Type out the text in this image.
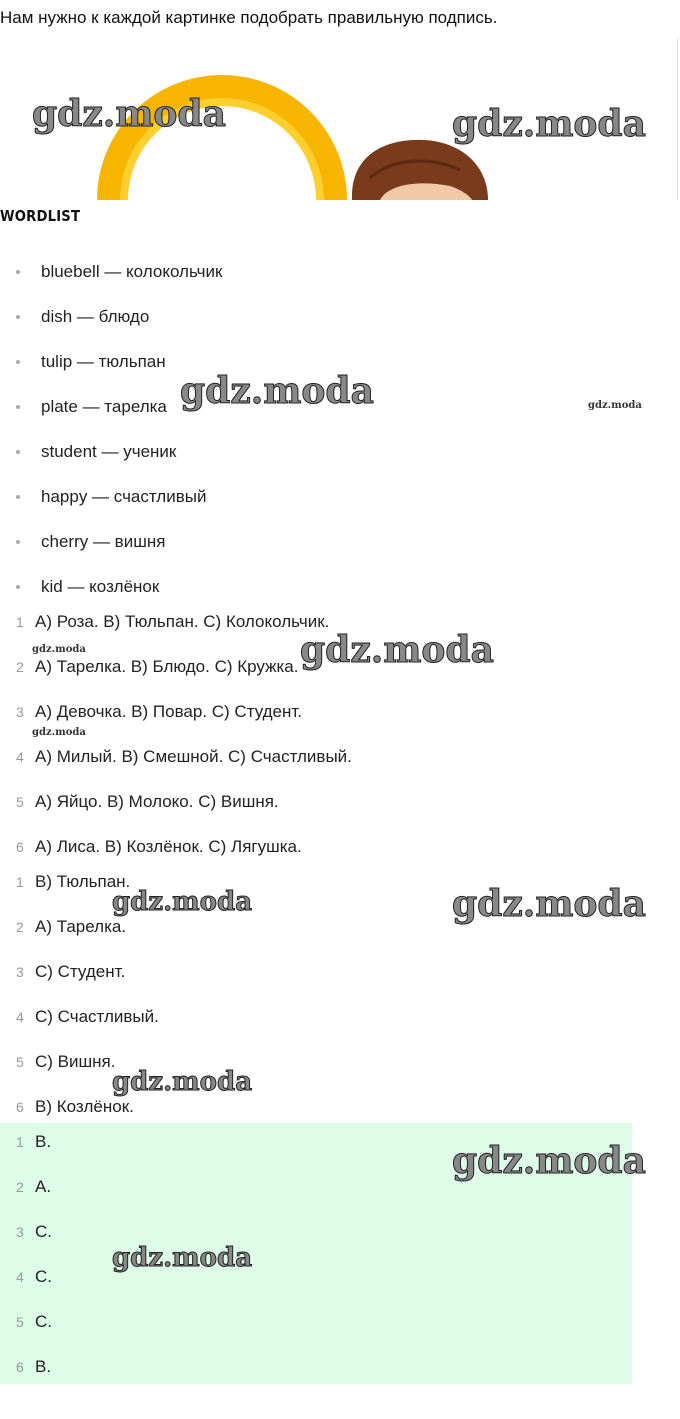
Нам нужно к каждой картинке подобрать правильную подпись.
gdz.moda	gdz.moda
WORDLIST
bluebell — колокольчик
dish — блюдо
tulip — тюльпан
plate — тарелка
student — ученик
happy — счастливый
cherry — вишня
kid — козлёнок
1 A) Роза. B) Тюльпан. C) Колокольчик.
2 A) Тарелка. B) Блюдо. C) Кружка.
3 A) Девочка. B) Повар. C) Студент.
4 A) Милый. B) Смешной. C) Счастливый.
5 A) Яйцо. B) Молоко. C) Вишня.
6 A) Лиса. B) Козлёнок. C) Лягушка.
1 B) Тюльпан.
2 A) Тарелка.
3 C) Студент.
4 C) Счастливый.
5 C) Вишня.
6 B) Козлёнок.
1 B.
2 A.
3 C.
4 C.
5 C.
6 B.
gdz.moda	gdz.moda
gdz.moda
gdz.moda
gdz.moda
gdz.moda	gdz.moda
gdz.moda
gdz.moda
gdz.moda
